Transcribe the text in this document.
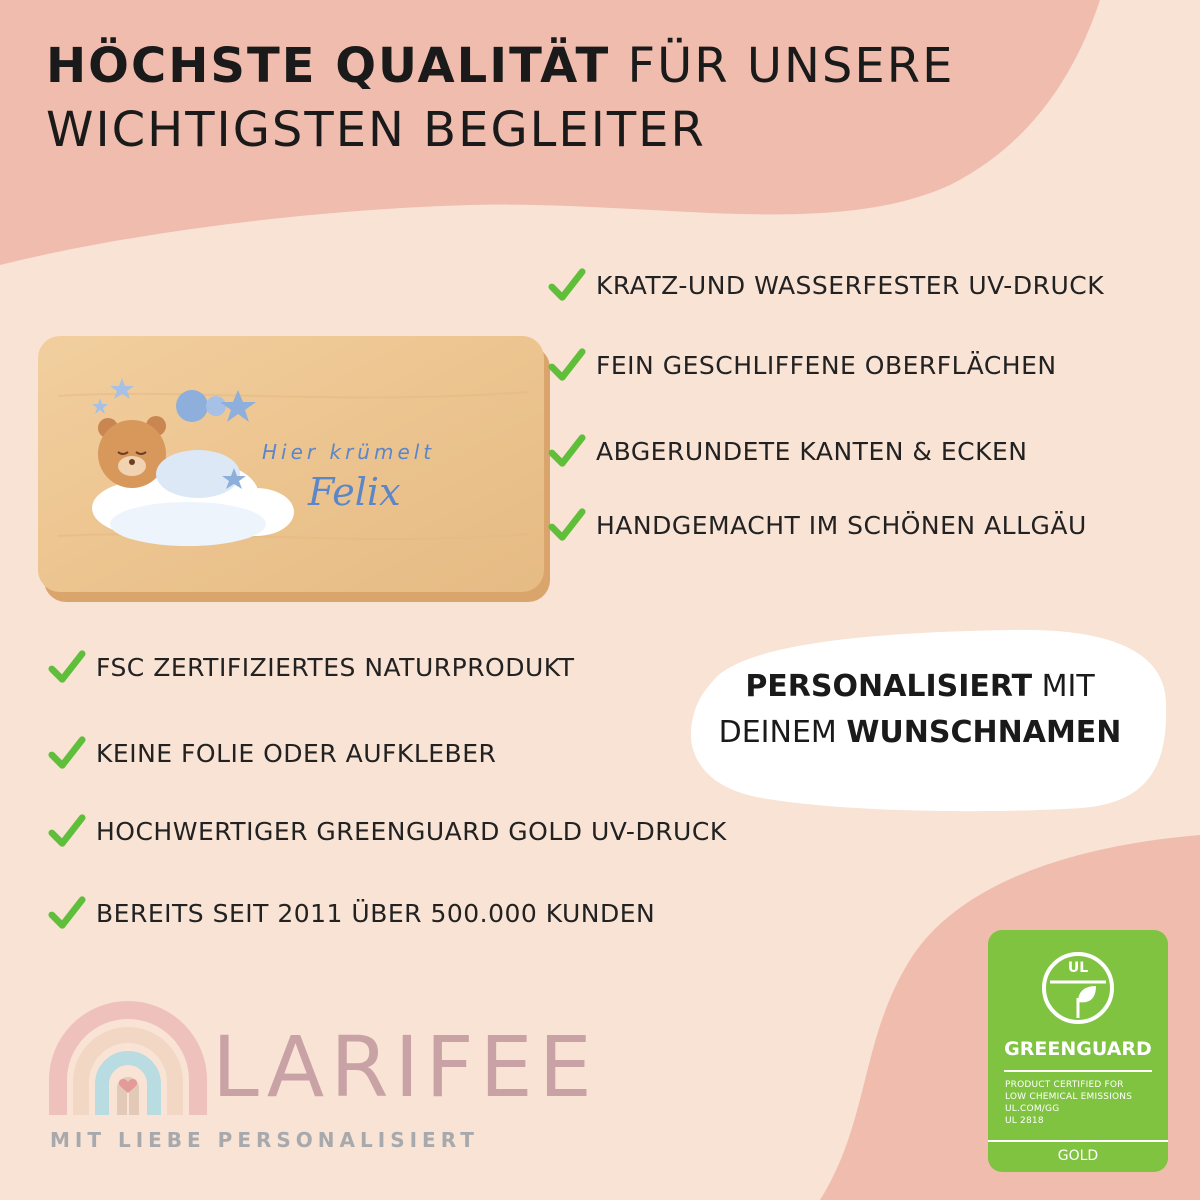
HÖCHSTE QUALITÄT FÜR UNSERE
WICHTIGSTEN BEGLEITER
Hier krümelt
Felix
KRATZ-UND WASSERFESTER UV-DRUCK
FEIN GESCHLIFFENE OBERFLÄCHEN
ABGERUNDETE KANTEN & ECKEN
HANDGEMACHT IM SCHÖNEN ALLGÄU
FSC ZERTIFIZIERTES NATURPRODUKT
KEINE FOLIE ODER AUFKLEBER
HOCHWERTIGER GREENGUARD GOLD UV-DRUCK
BEREITS SEIT 2011 ÜBER 500.000 KUNDEN
PERSONALISIERT MIT
DEINEM WUNSCHNAMEN
LARIFEE
MIT LIEBE PERSONALISIERT
UL
GREENGUARD
PRODUCT CERTIFIED FOR
LOW CHEMICAL EMISSIONS
UL.COM/GG
UL 2818
GOLD
